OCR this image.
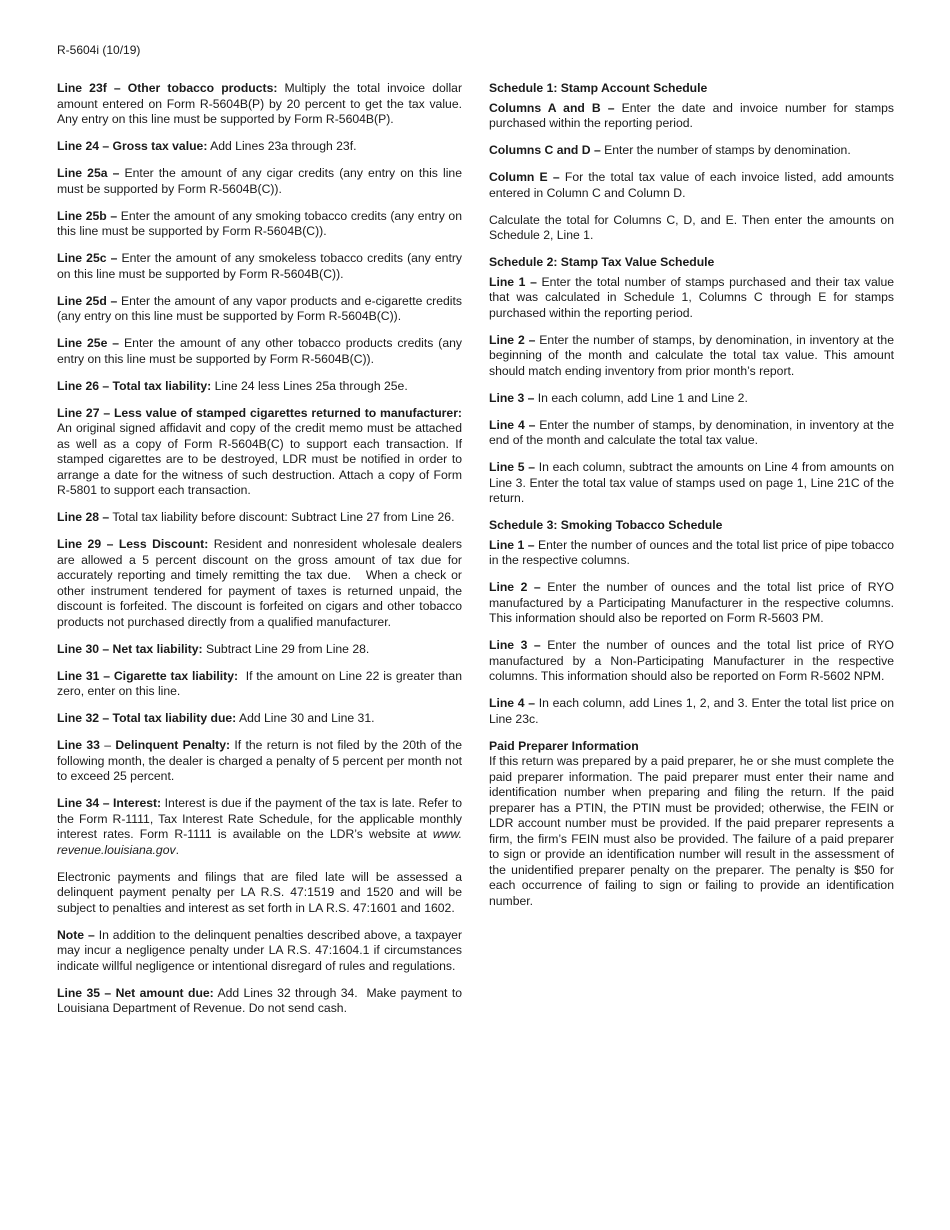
R-5604i (10/19)

Line 23f – Other tobacco products: Multiply the total invoice dollar amount entered on Form R-5604B(P) by 20 percent to get the tax value. Any entry on this line must be supported by Form R-5604B(P).

Line 24 – Gross tax value: Add Lines 23a through 23f.

Line 25a – Enter the amount of any cigar credits (any entry on this line must be supported by Form R-5604B(C)).

Line 25b – Enter the amount of any smoking tobacco credits (any entry on this line must be supported by Form R-5604B(C)).

Line 25c – Enter the amount of any smokeless tobacco credits (any entry on this line must be supported by Form R-5604B(C)).

Line 25d – Enter the amount of any vapor products and e-cigarette credits (any entry on this line must be supported by Form R-5604B(C)).

Line 25e – Enter the amount of any other tobacco products credits (any entry on this line must be supported by Form R-5604B(C)).

Line 26 – Total tax liability: Line 24 less Lines 25a through 25e.

Line 27 – Less value of stamped cigarettes returned to manufacturer: An original signed affidavit and copy of the credit memo must be attached as well as a copy of Form R-5604B(C) to support each transaction. If stamped cigarettes are to be destroyed, LDR must be notified in order to arrange a date for the witness of such destruction. Attach a copy of Form R-5801 to support each transaction.

Line 28 – Total tax liability before discount: Subtract Line 27 from Line 26.

Line 29 – Less Discount: Resident and nonresident wholesale dealers are allowed a 5 percent discount on the gross amount of tax due for accurately reporting and timely remitting the tax due.   When a check or other instrument tendered for payment of taxes is returned unpaid, the discount is forfeited. The discount is forfeited on cigars and other tobacco products not purchased directly from a qualified manufacturer.

Line 30 – Net tax liability: Subtract Line 29 from Line 28.

Line 31 – Cigarette tax liability:  If the amount on Line 22 is greater than zero, enter on this line.

Line 32 – Total tax liability due: Add Line 30 and Line 31.

Line 33 – Delinquent Penalty: If the return is not filed by the 20th of the following month, the dealer is charged a penalty of 5 percent per month not to exceed 25 percent.

Line 34 – Interest: Interest is due if the payment of the tax is late. Refer to the Form R-1111, Tax Interest Rate Schedule, for the applicable monthly interest rates. Form R-1111 is available on the LDR’s website at www. revenue.louisiana.gov.

Electronic payments and filings that are filed late will be assessed a delinquent payment penalty per LA R.S. 47:1519 and 1520 and will be subject to penalties and interest as set forth in LA R.S. 47:1601 and 1602.

Note – In addition to the delinquent penalties described above, a taxpayer may incur a negligence penalty under LA R.S. 47:1604.1 if circumstances indicate willful negligence or intentional disregard of rules and regulations.

Line 35 – Net amount due: Add Lines 32 through 34.  Make payment to Louisiana Department of Revenue. Do not send cash.

Schedule 1: Stamp Account Schedule

Columns A and B – Enter the date and invoice number for stamps purchased within the reporting period.

Columns C and D – Enter the number of stamps by denomination.

Column E – For the total tax value of each invoice listed, add amounts entered in Column C and Column D.

Calculate the total for Columns C, D, and E. Then enter the amounts on Schedule 2, Line 1.

Schedule 2: Stamp Tax Value Schedule

Line 1 – Enter the total number of stamps purchased and their tax value that was calculated in Schedule 1, Columns C through E for stamps purchased within the reporting period.

Line 2 – Enter the number of stamps, by denomination, in inventory at the beginning of the month and calculate the total tax value. This amount should match ending inventory from prior month’s report.

Line 3 – In each column, add Line 1 and Line 2.

Line 4 – Enter the number of stamps, by denomination, in inventory at the end of the month and calculate the total tax value.

Line 5 – In each column, subtract the amounts on Line 4 from amounts on Line 3. Enter the total tax value of stamps used on page 1, Line 21C of the return.

Schedule 3: Smoking Tobacco Schedule

Line 1 – Enter the number of ounces and the total list price of pipe tobacco in the respective columns.

Line 2 – Enter the number of ounces and the total list price of RYO manufactured by a Participating Manufacturer in the respective columns. This information should also be reported on Form R-5603 PM.

Line 3 – Enter the number of ounces and the total list price of RYO manufactured by a Non-Participating Manufacturer in the respective columns. This information should also be reported on Form R-5602 NPM.

Line 4 – In each column, add Lines 1, 2, and 3. Enter the total list price on Line 23c.

Paid Preparer Information

If this return was prepared by a paid preparer, he or she must complete the paid preparer information. The paid preparer must enter their name and identification number when preparing and filing the return. If the paid preparer has a PTIN, the PTIN must be provided; otherwise, the FEIN or LDR account number must be provided. If the paid preparer represents a firm, the firm’s FEIN must also be provided. The failure of a paid preparer to sign or provide an identification number will result in the assessment of the unidentified preparer penalty on the preparer. The penalty is $50 for each occurrence of failing to sign or failing to provide an identification number.
